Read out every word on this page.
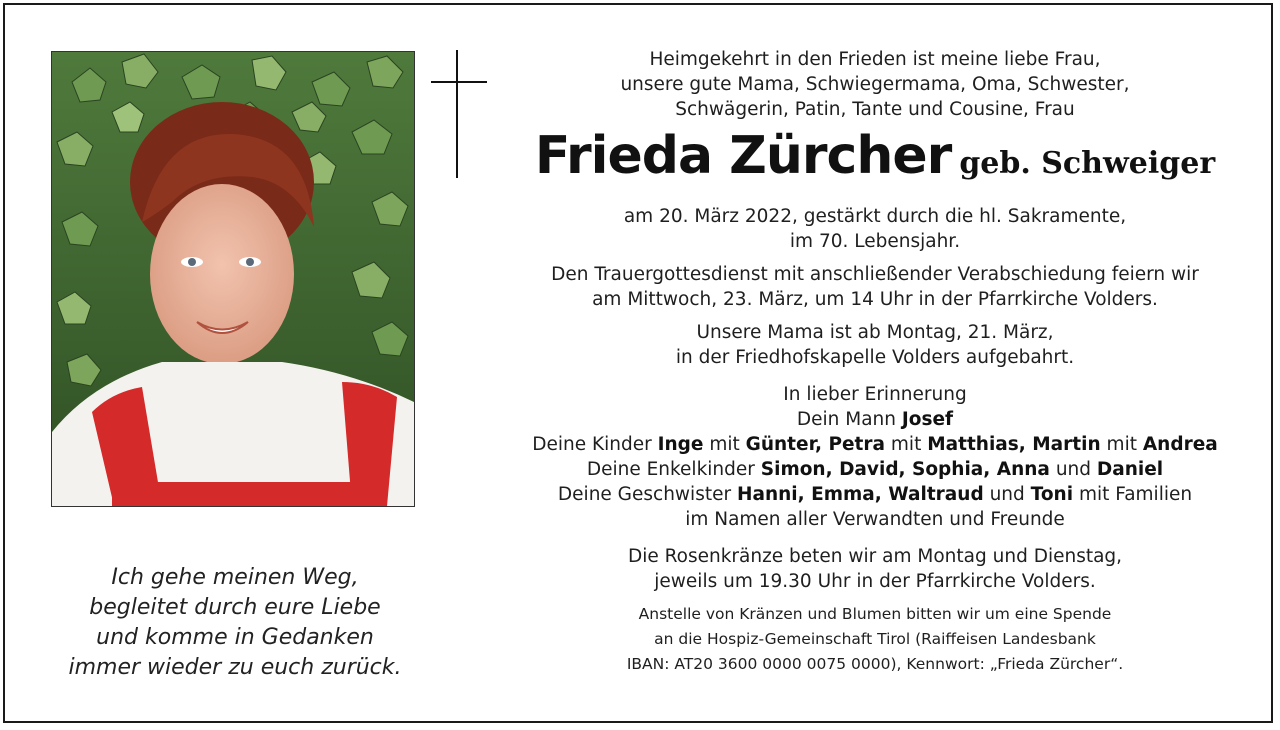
Ich gehe meinen Weg,
begleitet durch eure Liebe
und komme in Gedanken
immer wieder zu euch zurück.
Heimgekehrt in den Frieden ist meine liebe Frau,
unsere gute Mama, Schwiegermama, Oma, Schwester,
Schwägerin, Patin, Tante und Cousine, Frau
Frieda Zürcher geb. Schweiger
am 20. März 2022, gestärkt durch die hl. Sakramente,
im 70. Lebensjahr.
Den Trauergottesdienst mit anschließender Verabschiedung feiern wir
am Mittwoch, 23. März, um 14 Uhr in der Pfarrkirche Volders.
Unsere Mama ist ab Montag, 21. März,
in der Friedhofskapelle Volders aufgebahrt.
In lieber Erinnerung
Dein Mann Josef
Deine Kinder Inge mit Günter, Petra mit Matthias, Martin mit Andrea
Deine Enkelkinder Simon, David, Sophia, Anna und Daniel
Deine Geschwister Hanni, Emma, Waltraud und Toni mit Familien
im Namen aller Verwandten und Freunde
Die Rosenkränze beten wir am Montag und Dienstag,
jeweils um 19.30 Uhr in der Pfarrkirche Volders.
Anstelle von Kränzen und Blumen bitten wir um eine Spende
an die Hospiz-Gemeinschaft Tirol (Raiffeisen Landesbank
IBAN: AT20 3600 0000 0075 0000), Kennwort: „Frieda Zürcher“.
